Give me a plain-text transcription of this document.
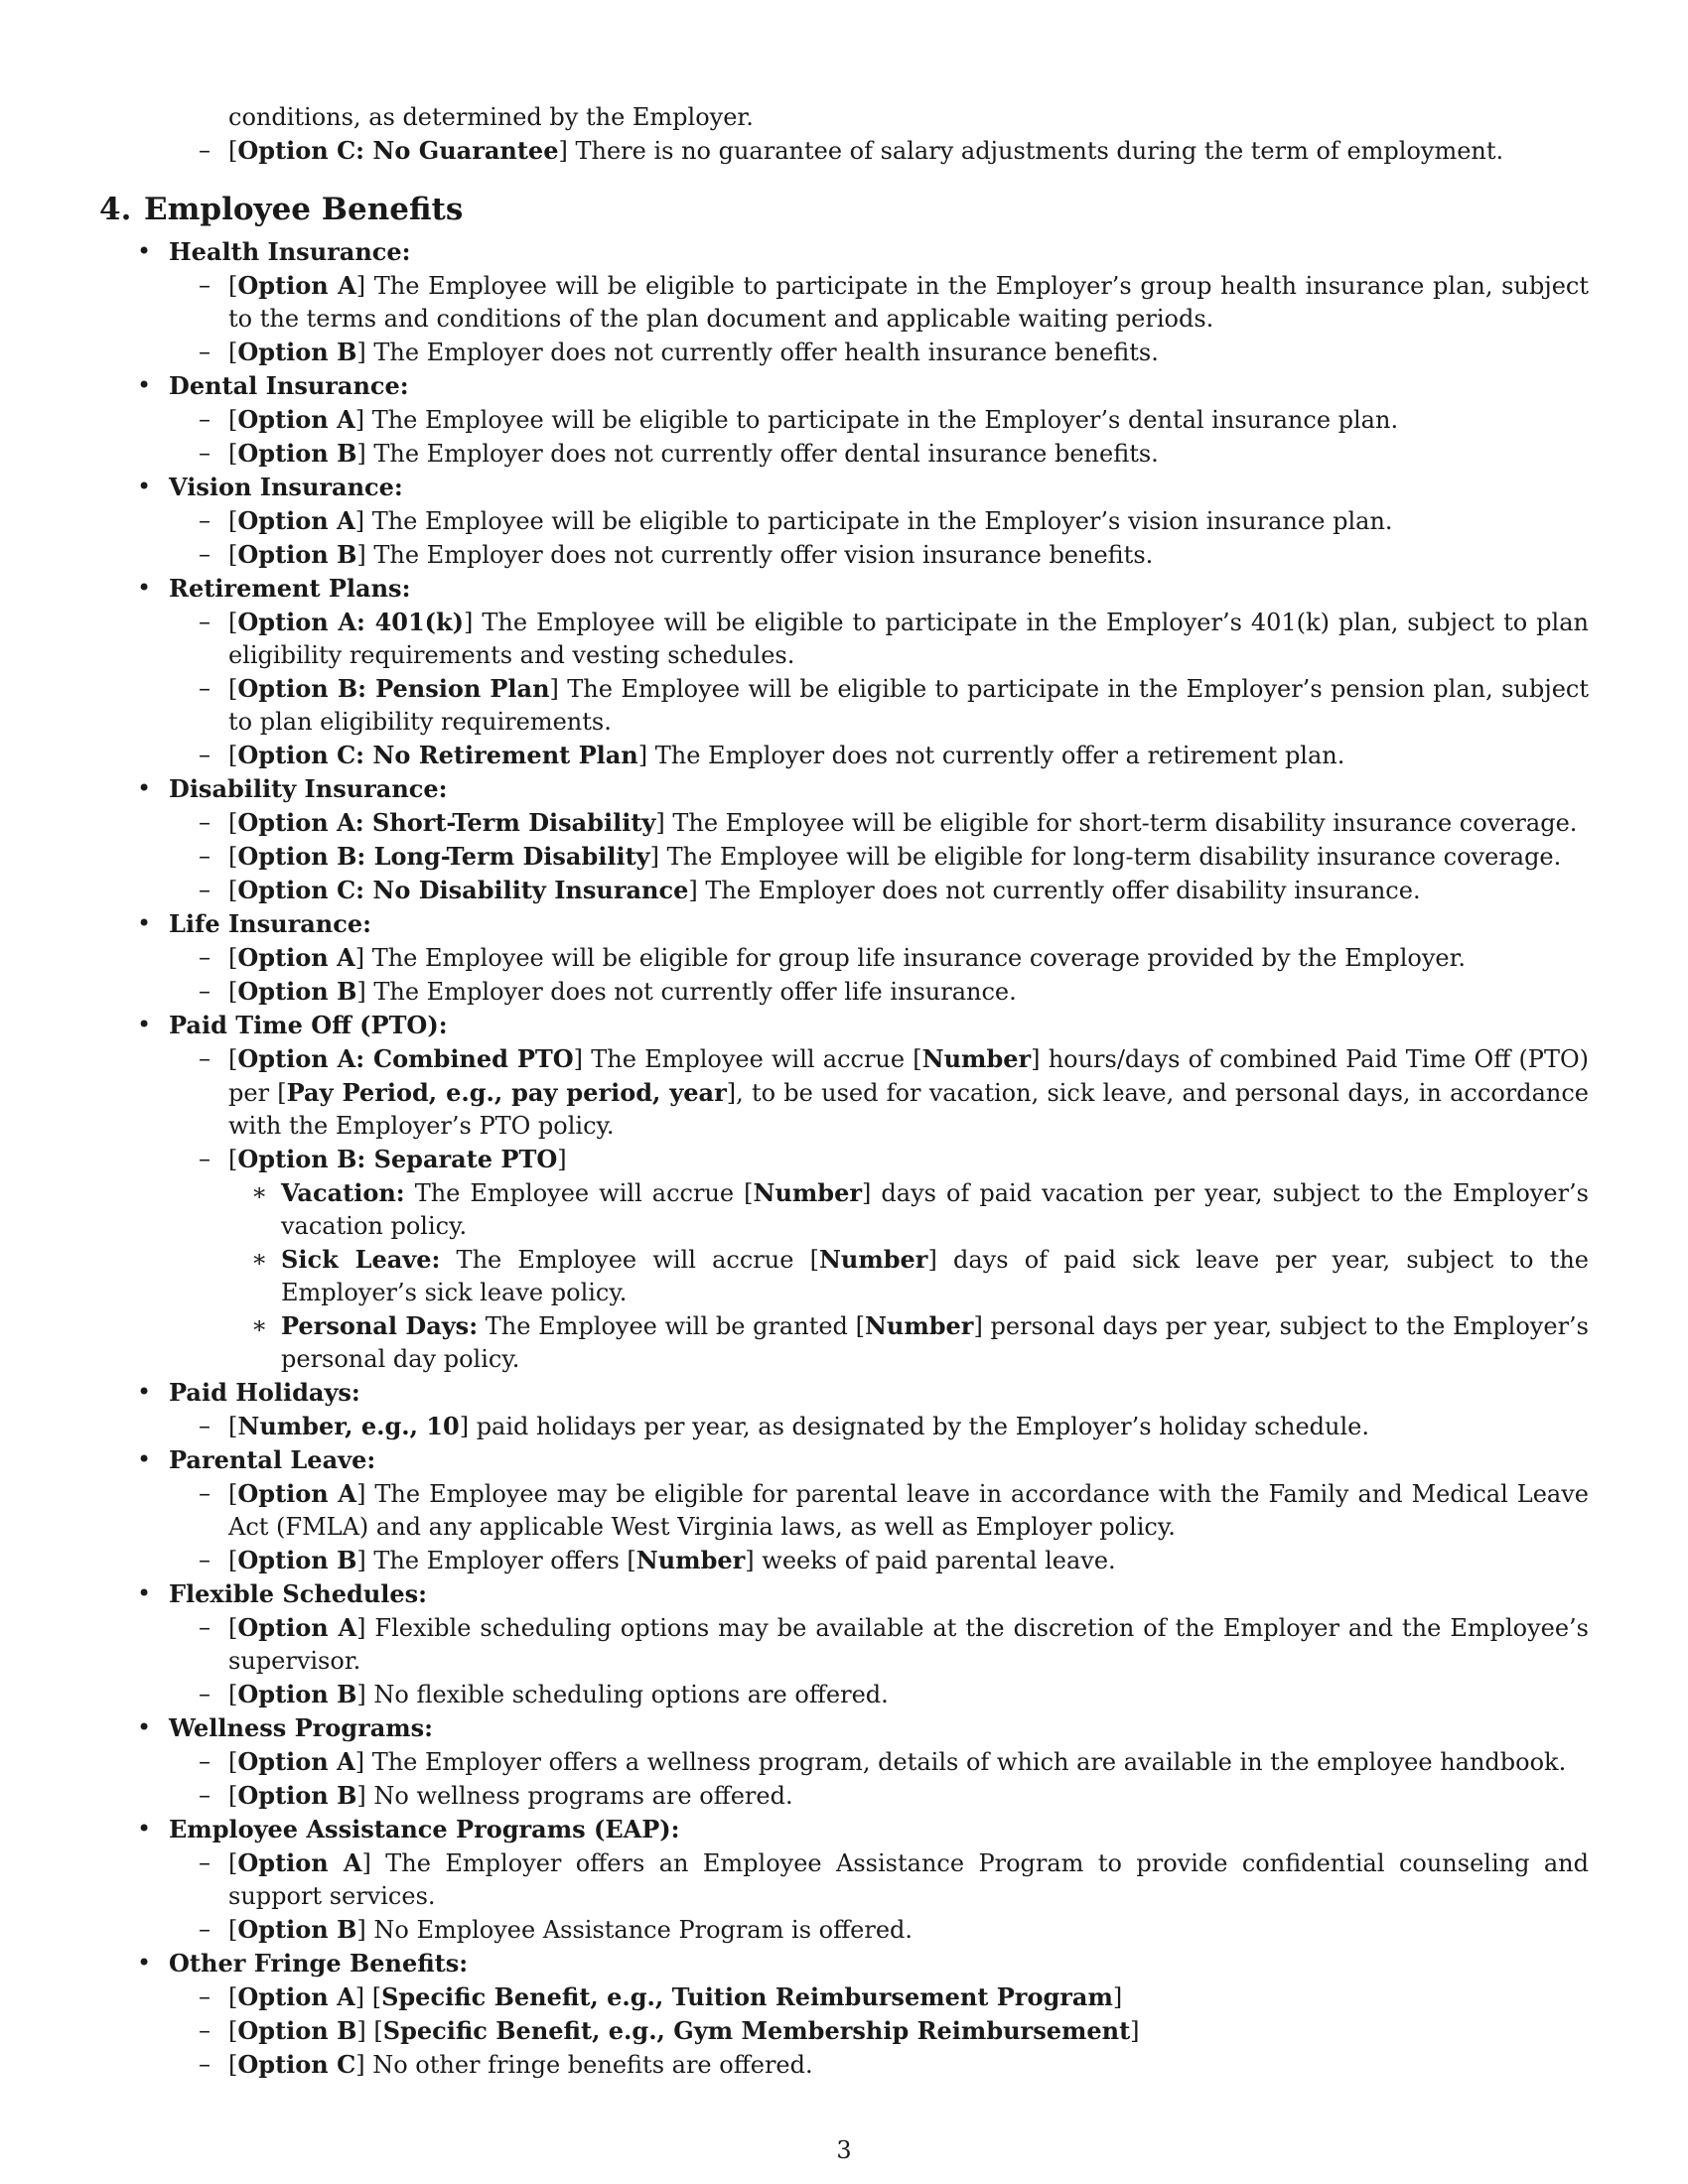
conditions, as determined by the Employer.
– [Option C: No Guarantee] There is no guarantee of salary adjustments during the term of employment.
4. Employee Benefits
• Health Insurance:
– [Option A] The Employee will be eligible to participate in the Employer’s group health insurance plan, subject to the terms and conditions of the plan document and applicable waiting periods.
– [Option B] The Employer does not currently offer health insurance benefits.
• Dental Insurance:
– [Option A] The Employee will be eligible to participate in the Employer’s dental insurance plan.
– [Option B] The Employer does not currently offer dental insurance benefits.
• Vision Insurance:
– [Option A] The Employee will be eligible to participate in the Employer’s vision insurance plan.
– [Option B] The Employer does not currently offer vision insurance benefits.
• Retirement Plans:
– [Option A: 401(k)] The Employee will be eligible to participate in the Employer’s 401(k) plan, subject to plan eligibility requirements and vesting schedules.
– [Option B: Pension Plan] The Employee will be eligible to participate in the Employer’s pension plan, subject to plan eligibility requirements.
– [Option C: No Retirement Plan] The Employer does not currently offer a retirement plan.
• Disability Insurance:
– [Option A: Short-Term Disability] The Employee will be eligible for short-term disability insurance coverage.
– [Option B: Long-Term Disability] The Employee will be eligible for long-term disability insurance coverage.
– [Option C: No Disability Insurance] The Employer does not currently offer disability insurance.
• Life Insurance:
– [Option A] The Employee will be eligible for group life insurance coverage provided by the Employer.
– [Option B] The Employer does not currently offer life insurance.
• Paid Time Off (PTO):
– [Option A: Combined PTO] The Employee will accrue [Number] hours/days of combined Paid Time Off (PTO) per [Pay Period, e.g., pay period, year], to be used for vacation, sick leave, and personal days, in accordance with the Employer’s PTO policy.
– [Option B: Separate PTO]
∗ Vacation: The Employee will accrue [Number] days of paid vacation per year, subject to the Employer’s vacation policy.
∗ Sick Leave: The Employee will accrue [Number] days of paid sick leave per year, subject to the Employer’s sick leave policy.
∗ Personal Days: The Employee will be granted [Number] personal days per year, subject to the Employer’s personal day policy.
• Paid Holidays:
– [Number, e.g., 10] paid holidays per year, as designated by the Employer’s holiday schedule.
• Parental Leave:
– [Option A] The Employee may be eligible for parental leave in accordance with the Family and Medical Leave Act (FMLA) and any applicable West Virginia laws, as well as Employer policy.
– [Option B] The Employer offers [Number] weeks of paid parental leave.
• Flexible Schedules:
– [Option A] Flexible scheduling options may be available at the discretion of the Employer and the Employee’s supervisor.
– [Option B] No flexible scheduling options are offered.
• Wellness Programs:
– [Option A] The Employer offers a wellness program, details of which are available in the employee handbook.
– [Option B] No wellness programs are offered.
• Employee Assistance Programs (EAP):
– [Option A] The Employer offers an Employee Assistance Program to provide confidential counseling and support services.
– [Option B] No Employee Assistance Program is offered.
• Other Fringe Benefits:
– [Option A] [Specific Benefit, e.g., Tuition Reimbursement Program]
– [Option B] [Specific Benefit, e.g., Gym Membership Reimbursement]
– [Option C] No other fringe benefits are offered.
3
